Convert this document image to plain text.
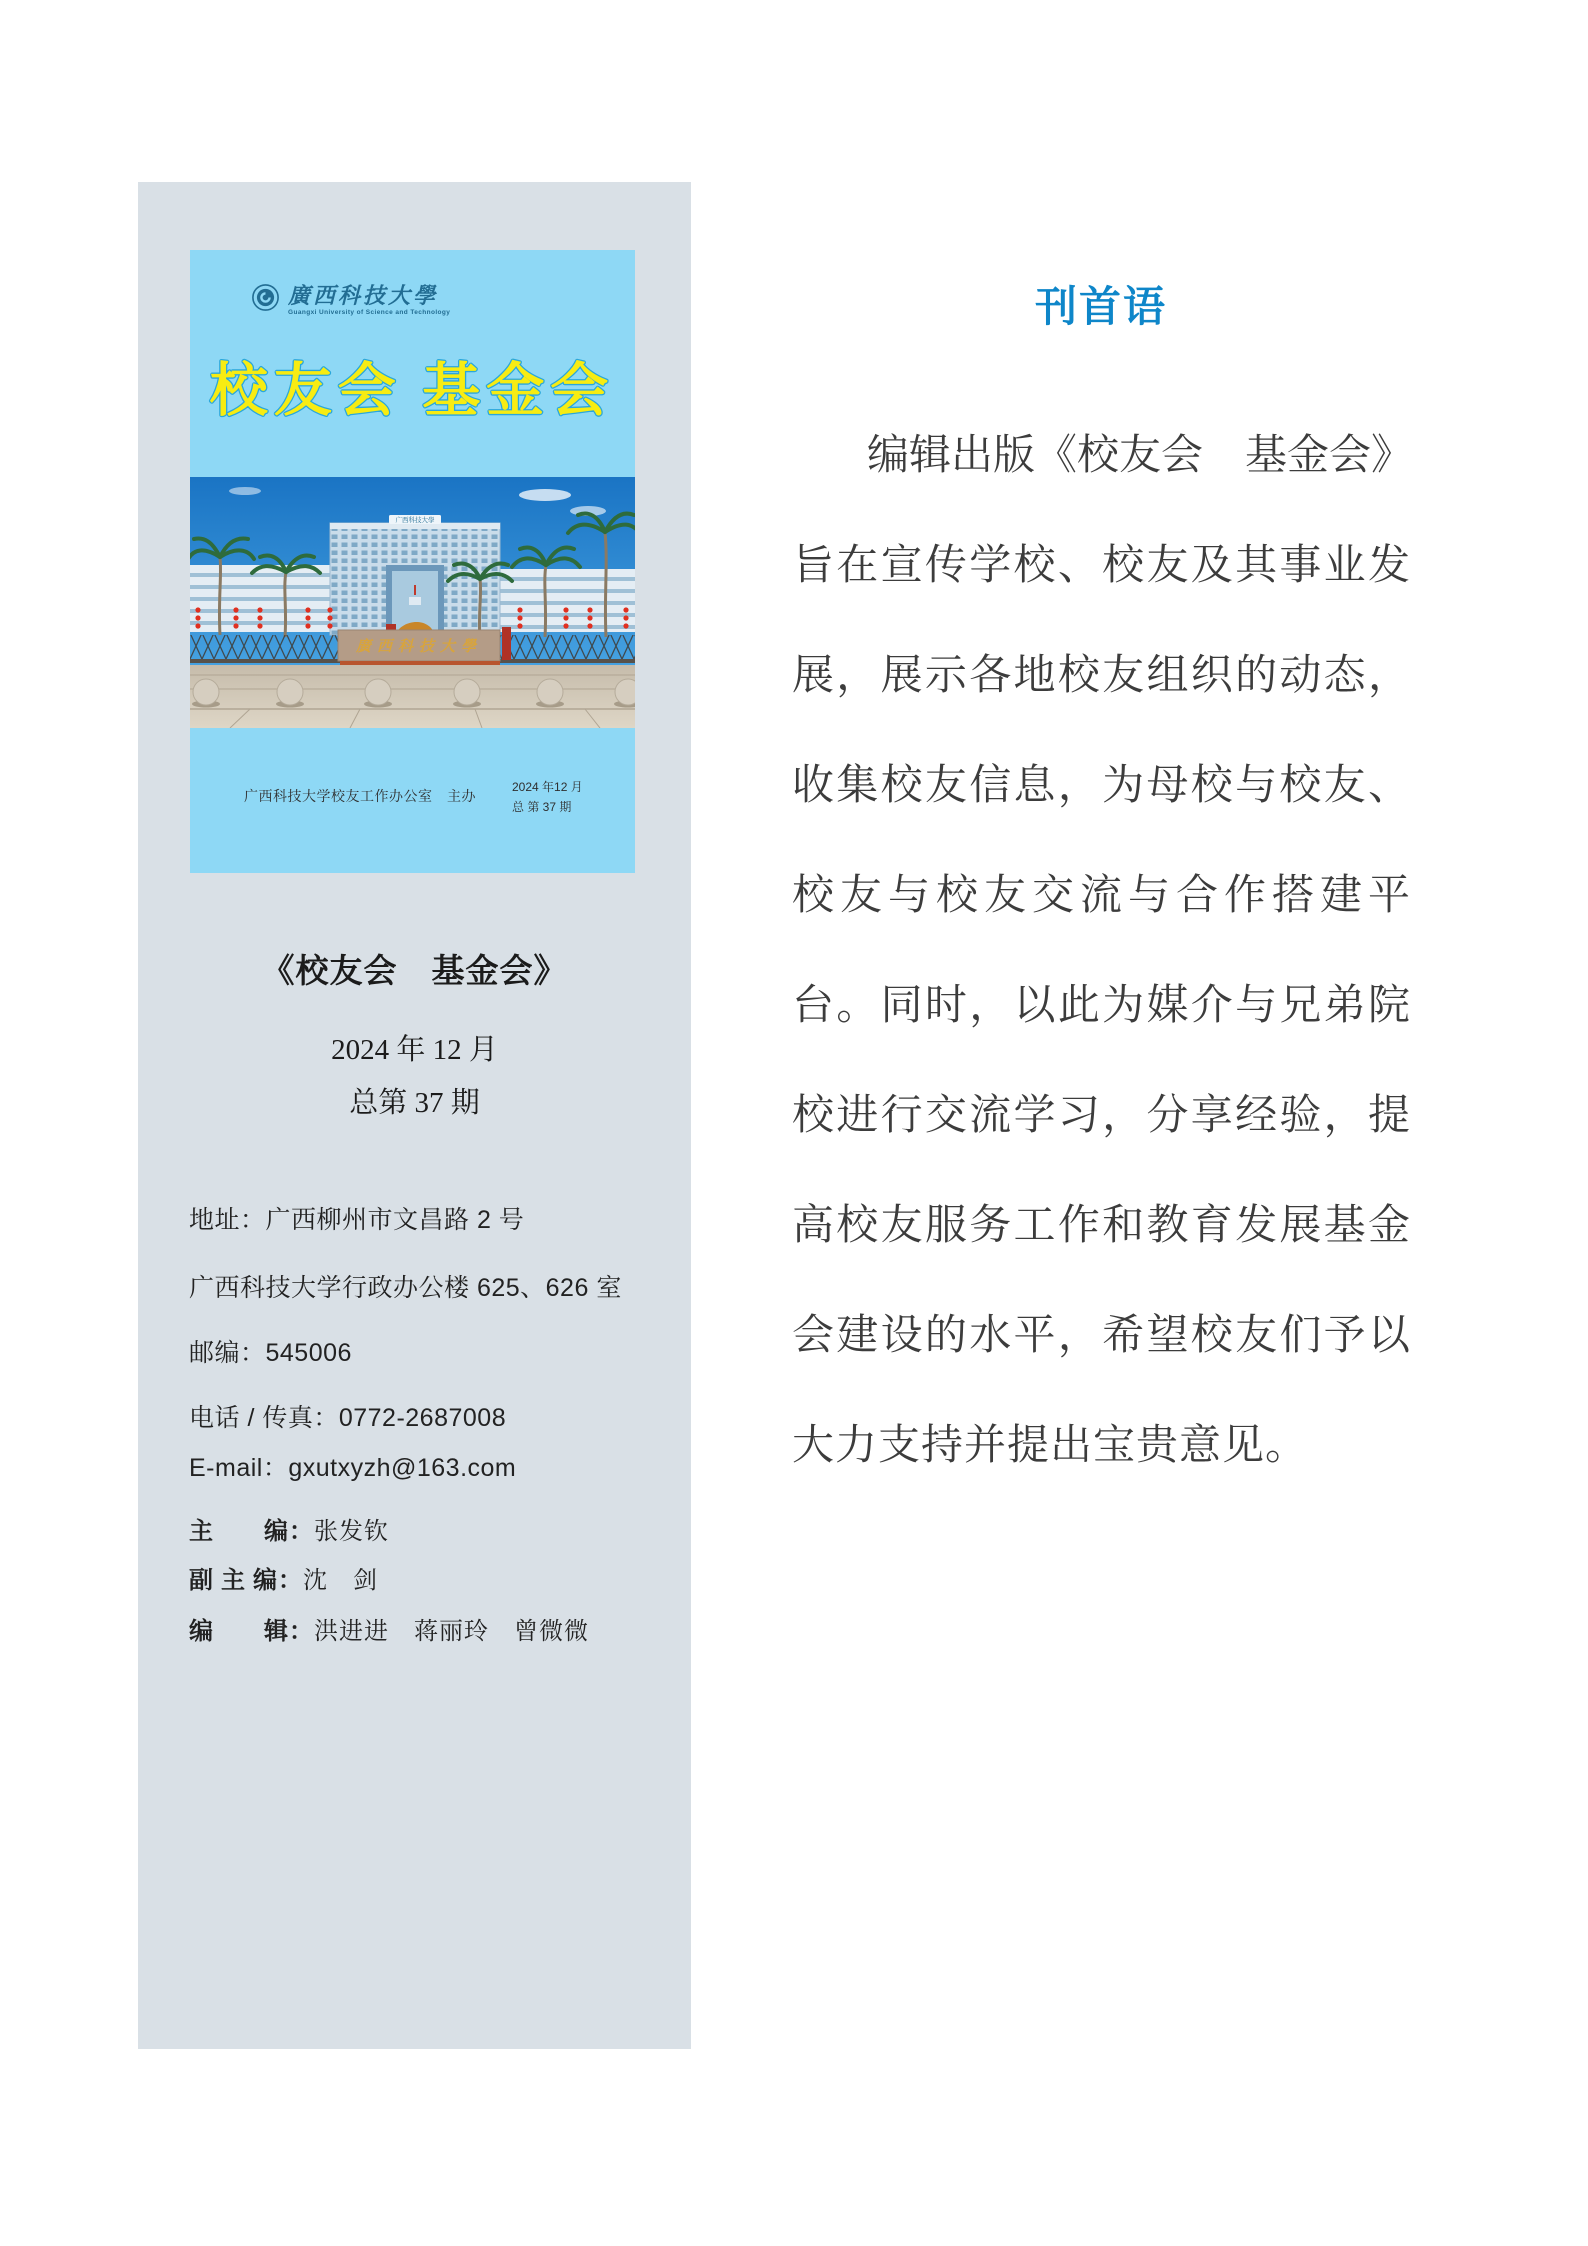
廣西科技大學
Guangxi University of Science and Technology
校友会 基金会
广西科技大學
廣西科技大學
广西科技大学校友工作办公室　主办
2024 年12 月
总 第 37 期
《校友会　基金会》
2024 年 12 月
总第 37 期
地址：广西柳州市文昌路 2 号
广西科技大学行政办公楼 625、626 室
邮编：545006
电话 / 传真：0772-2687008
E-mail：gxutxyzh@163.com
主　　编：张发钦
副 主 编：沈　剑
编　　辑：洪进进　蒋丽玲　曾微微
刊首语
编辑出版《校友会　基金会》
旨在宣传学校、校友及其事业发
展，展示各地校友组织的动态，
收集校友信息，为母校与校友、
校友与校友交流与合作搭建平
台。同时，以此为媒介与兄弟院
校进行交流学习，分享经验，提
高校友服务工作和教育发展基金
会建设的水平，希望校友们予以
大力支持并提出宝贵意见。
